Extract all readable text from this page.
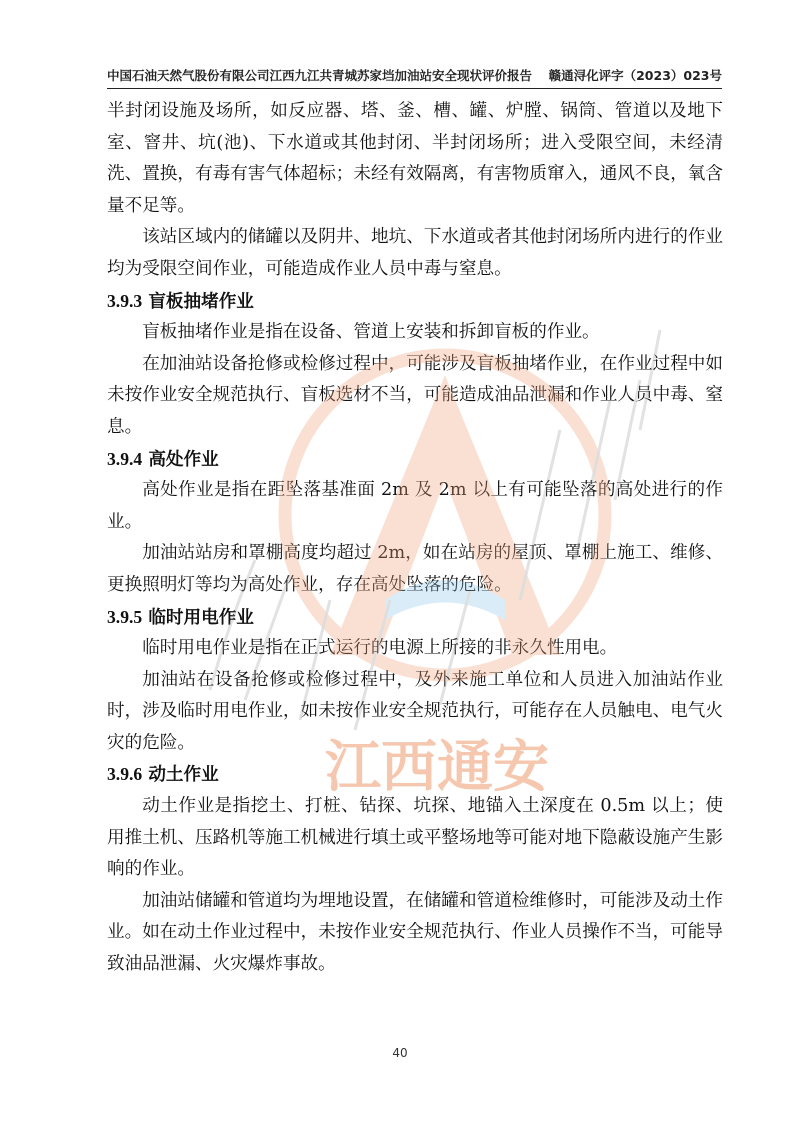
中国石油天然气股份有限公司江西九江共青城苏家垱加油站安全现状评价报告 赣通浔化评字（2023）023号

半封闭设施及场所，如反应器、塔、釜、槽、罐、炉膛、锅筒、管道以及地下室、窨井、坑(池)、下水道或其他封闭、半封闭场所；进入受限空间，未经清洗、置换，有毒有害气体超标；未经有效隔离，有害物质窜入，通风不良，氧含量不足等。

该站区域内的储罐以及阴井、地坑、下水道或者其他封闭场所内进行的作业均为受限空间作业，可能造成作业人员中毒与窒息。

3.9.3 盲板抽堵作业

盲板抽堵作业是指在设备、管道上安装和拆卸盲板的作业。

在加油站设备抢修或检修过程中，可能涉及盲板抽堵作业，在作业过程中如未按作业安全规范执行、盲板选材不当，可能造成油品泄漏和作业人员中毒、窒息。

3.9.4 高处作业

高处作业是指在距坠落基准面 2m 及 2m 以上有可能坠落的高处进行的作业。

加油站站房和罩棚高度均超过 2m，如在站房的屋顶、罩棚上施工、维修、更换照明灯等均为高处作业，存在高处坠落的危险。

3.9.5 临时用电作业

临时用电作业是指在正式运行的电源上所接的非永久性用电。

加油站在设备抢修或检修过程中，及外来施工单位和人员进入加油站作业时，涉及临时用电作业，如未按作业安全规范执行，可能存在人员触电、电气火灾的危险。

3.9.6 动土作业

动土作业是指挖土、打桩、钻探、坑探、地锚入土深度在 0.5m 以上；使用推土机、压路机等施工机械进行填土或平整场地等可能对地下隐蔽设施产生影响的作业。

加油站储罐和管道均为埋地设置，在储罐和管道检维修时，可能涉及动土作业。如在动土作业过程中，未按作业安全规范执行、作业人员操作不当，可能导致油品泄漏、火灾爆炸事故。

江西通安
40
